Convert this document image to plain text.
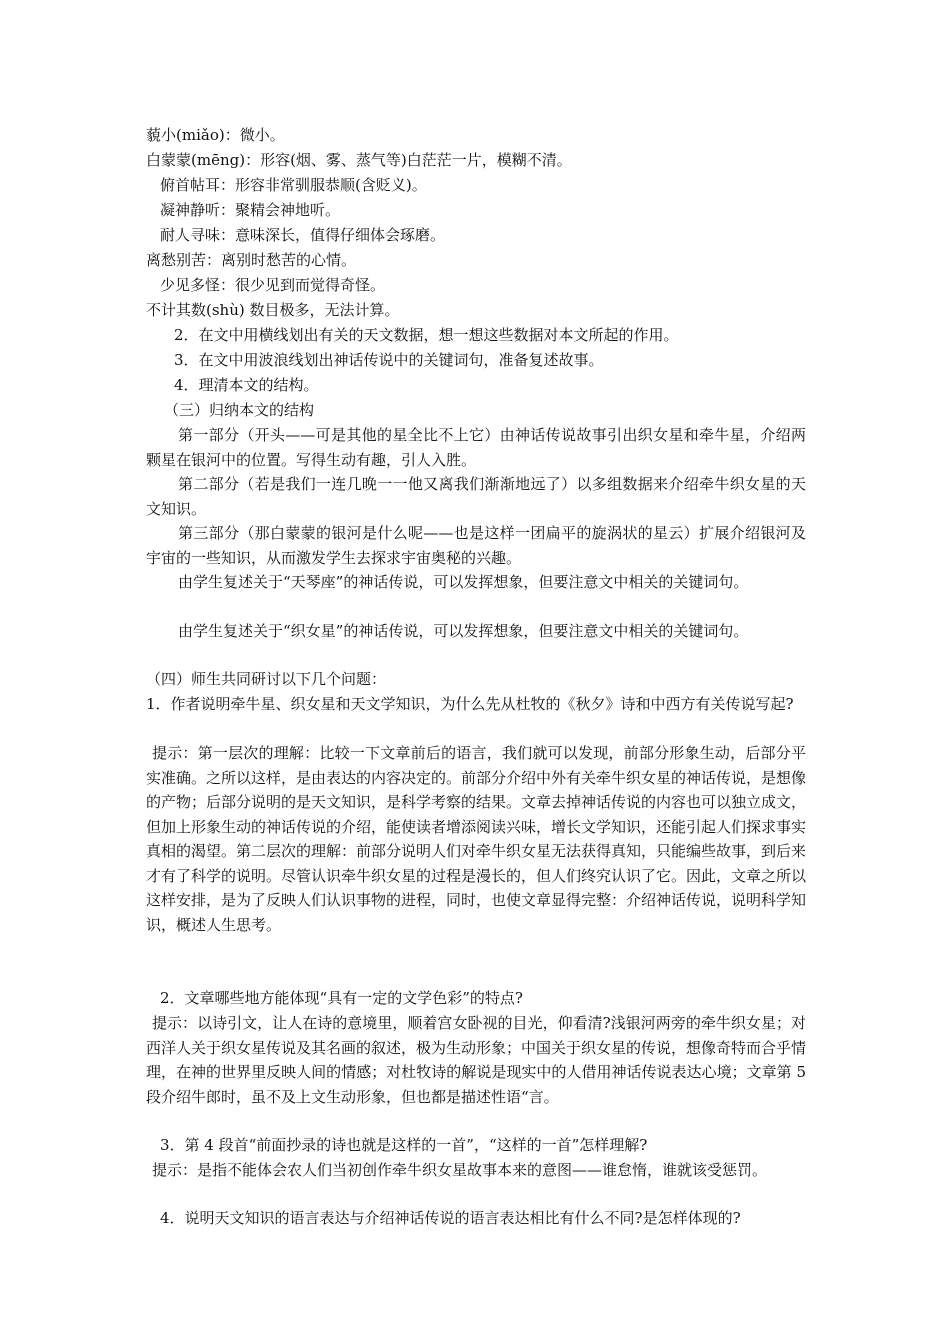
藐小(miǎo)：微小。
白蒙蒙(mēng)：形容(烟、雾、蒸气等)白茫茫一片，模糊不清。
俯首帖耳：形容非常驯服恭顺(含贬义)。
凝神静听：聚精会神地听。
耐人寻味：意味深长，值得仔细体会琢磨。
离愁别苦：离别时愁苦的心情。
少见多怪：很少见到而觉得奇怪。
不计其数(shù) 数目极多，无法计算。
2．在文中用横线划出有关的天文数据，想一想这些数据对本文所起的作用。
3．在文中用波浪线划出神话传说中的关键词句，准备复述故事。
4．理清本文的结构。
（三）归纳本文的结构
第一部分（开头——可是其他的星全比不上它）由神话传说故事引出织女星和牵牛星，介绍两颗星在银河中的位置。写得生动有趣，引人入胜。
第二部分（若是我们一连几晚一一他又离我们渐渐地远了）以多组数据来介绍牵牛织女星的天文知识。
第三部分（那白蒙蒙的银河是什么呢——也是这样一团扁平的旋涡状的星云）扩展介绍银河及宇宙的一些知识，从而激发学生去探求宇宙奥秘的兴趣。
由学生复述关于“天琴座”的神话传说，可以发挥想象，但要注意文中相关的关键词句。
由学生复述关于“织女星”的神话传说，可以发挥想象，但要注意文中相关的关键词句。
（四）师生共同研讨以下几个问题：
1．作者说明牵牛星、织女星和天文学知识，为什么先从杜牧的《秋夕》诗和中西方有关传说写起?
提示：第一层次的理解：比较一下文章前后的语言，我们就可以发现，前部分形象生动，后部分平实准确。之所以这样，是由表达的内容决定的。前部分介绍中外有关牵牛织女星的神话传说，是想像的产物；后部分说明的是天文知识，是科学考察的结果。文章去掉神话传说的内容也可以独立成文，但加上形象生动的神话传说的介绍，能使读者增添阅读兴味，增长文学知识，还能引起人们探求事实真相的渴望。第二层次的理解：前部分说明人们对牵牛织女星无法获得真知，只能编些故事，到后来才有了科学的说明。尽管认识牵牛织女星的过程是漫长的，但人们终究认识了它。因此，文章之所以这样安排，是为了反映人们认识事物的进程，同时，也使文章显得完整：介绍神话传说，说明科学知识，概述人生思考。
2．文章哪些地方能体现“具有一定的文学色彩”的特点?
提示：以诗引文，让人在诗的意境里，顺着宫女卧视的目光，仰看清?浅银河两旁的牵牛织女星；对西洋人关于织女星传说及其名画的叙述，极为生动形象；中国关于织女星的传说，想像奇特而合乎情理，在神的世界里反映人间的情感；对杜牧诗的解说是现实中的人借用神话传说表达心境；文章第 5 段介绍牛郎时，虽不及上文生动形象，但也都是描述性语“言。
3．第 4 段首“前面抄录的诗也就是这样的一首”，“这样的一首”怎样理解?
提示：是指不能体会农人们当初创作牵牛织女星故事本来的意图——谁怠惰，谁就该受惩罚。
4．说明天文知识的语言表达与介绍神话传说的语言表达相比有什么不同?是怎样体现的?
